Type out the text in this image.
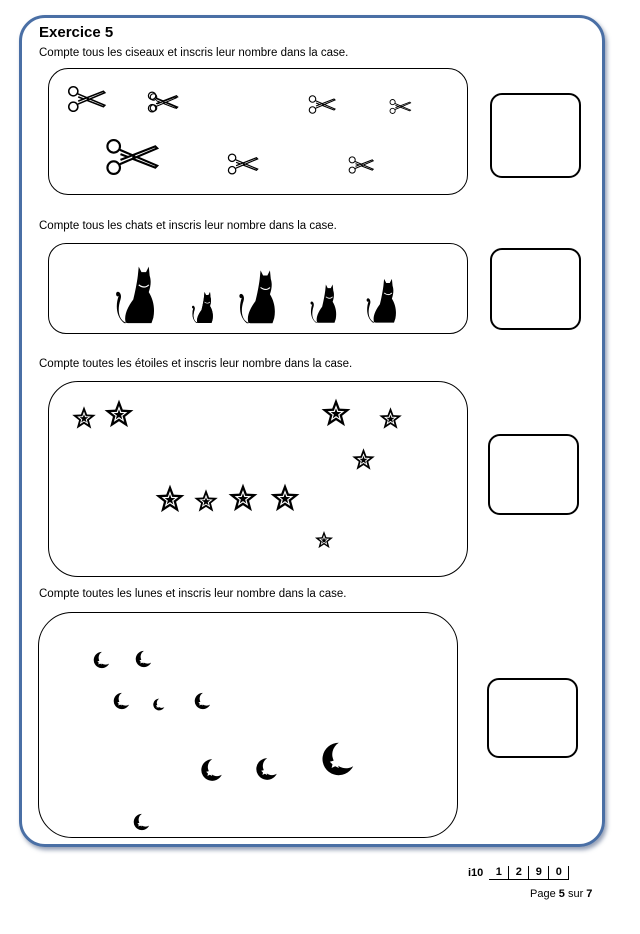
Exercice 5
Compte tous les ciseaux et inscris leur nombre dans la case.
Compte tous les chats et inscris leur nombre dans la case.
Compte toutes les étoiles et inscris leur nombre dans la case.
Compte toutes les lunes et inscris leur nombre dans la case.
i10	1	2	9	0
Page 5 sur 7
